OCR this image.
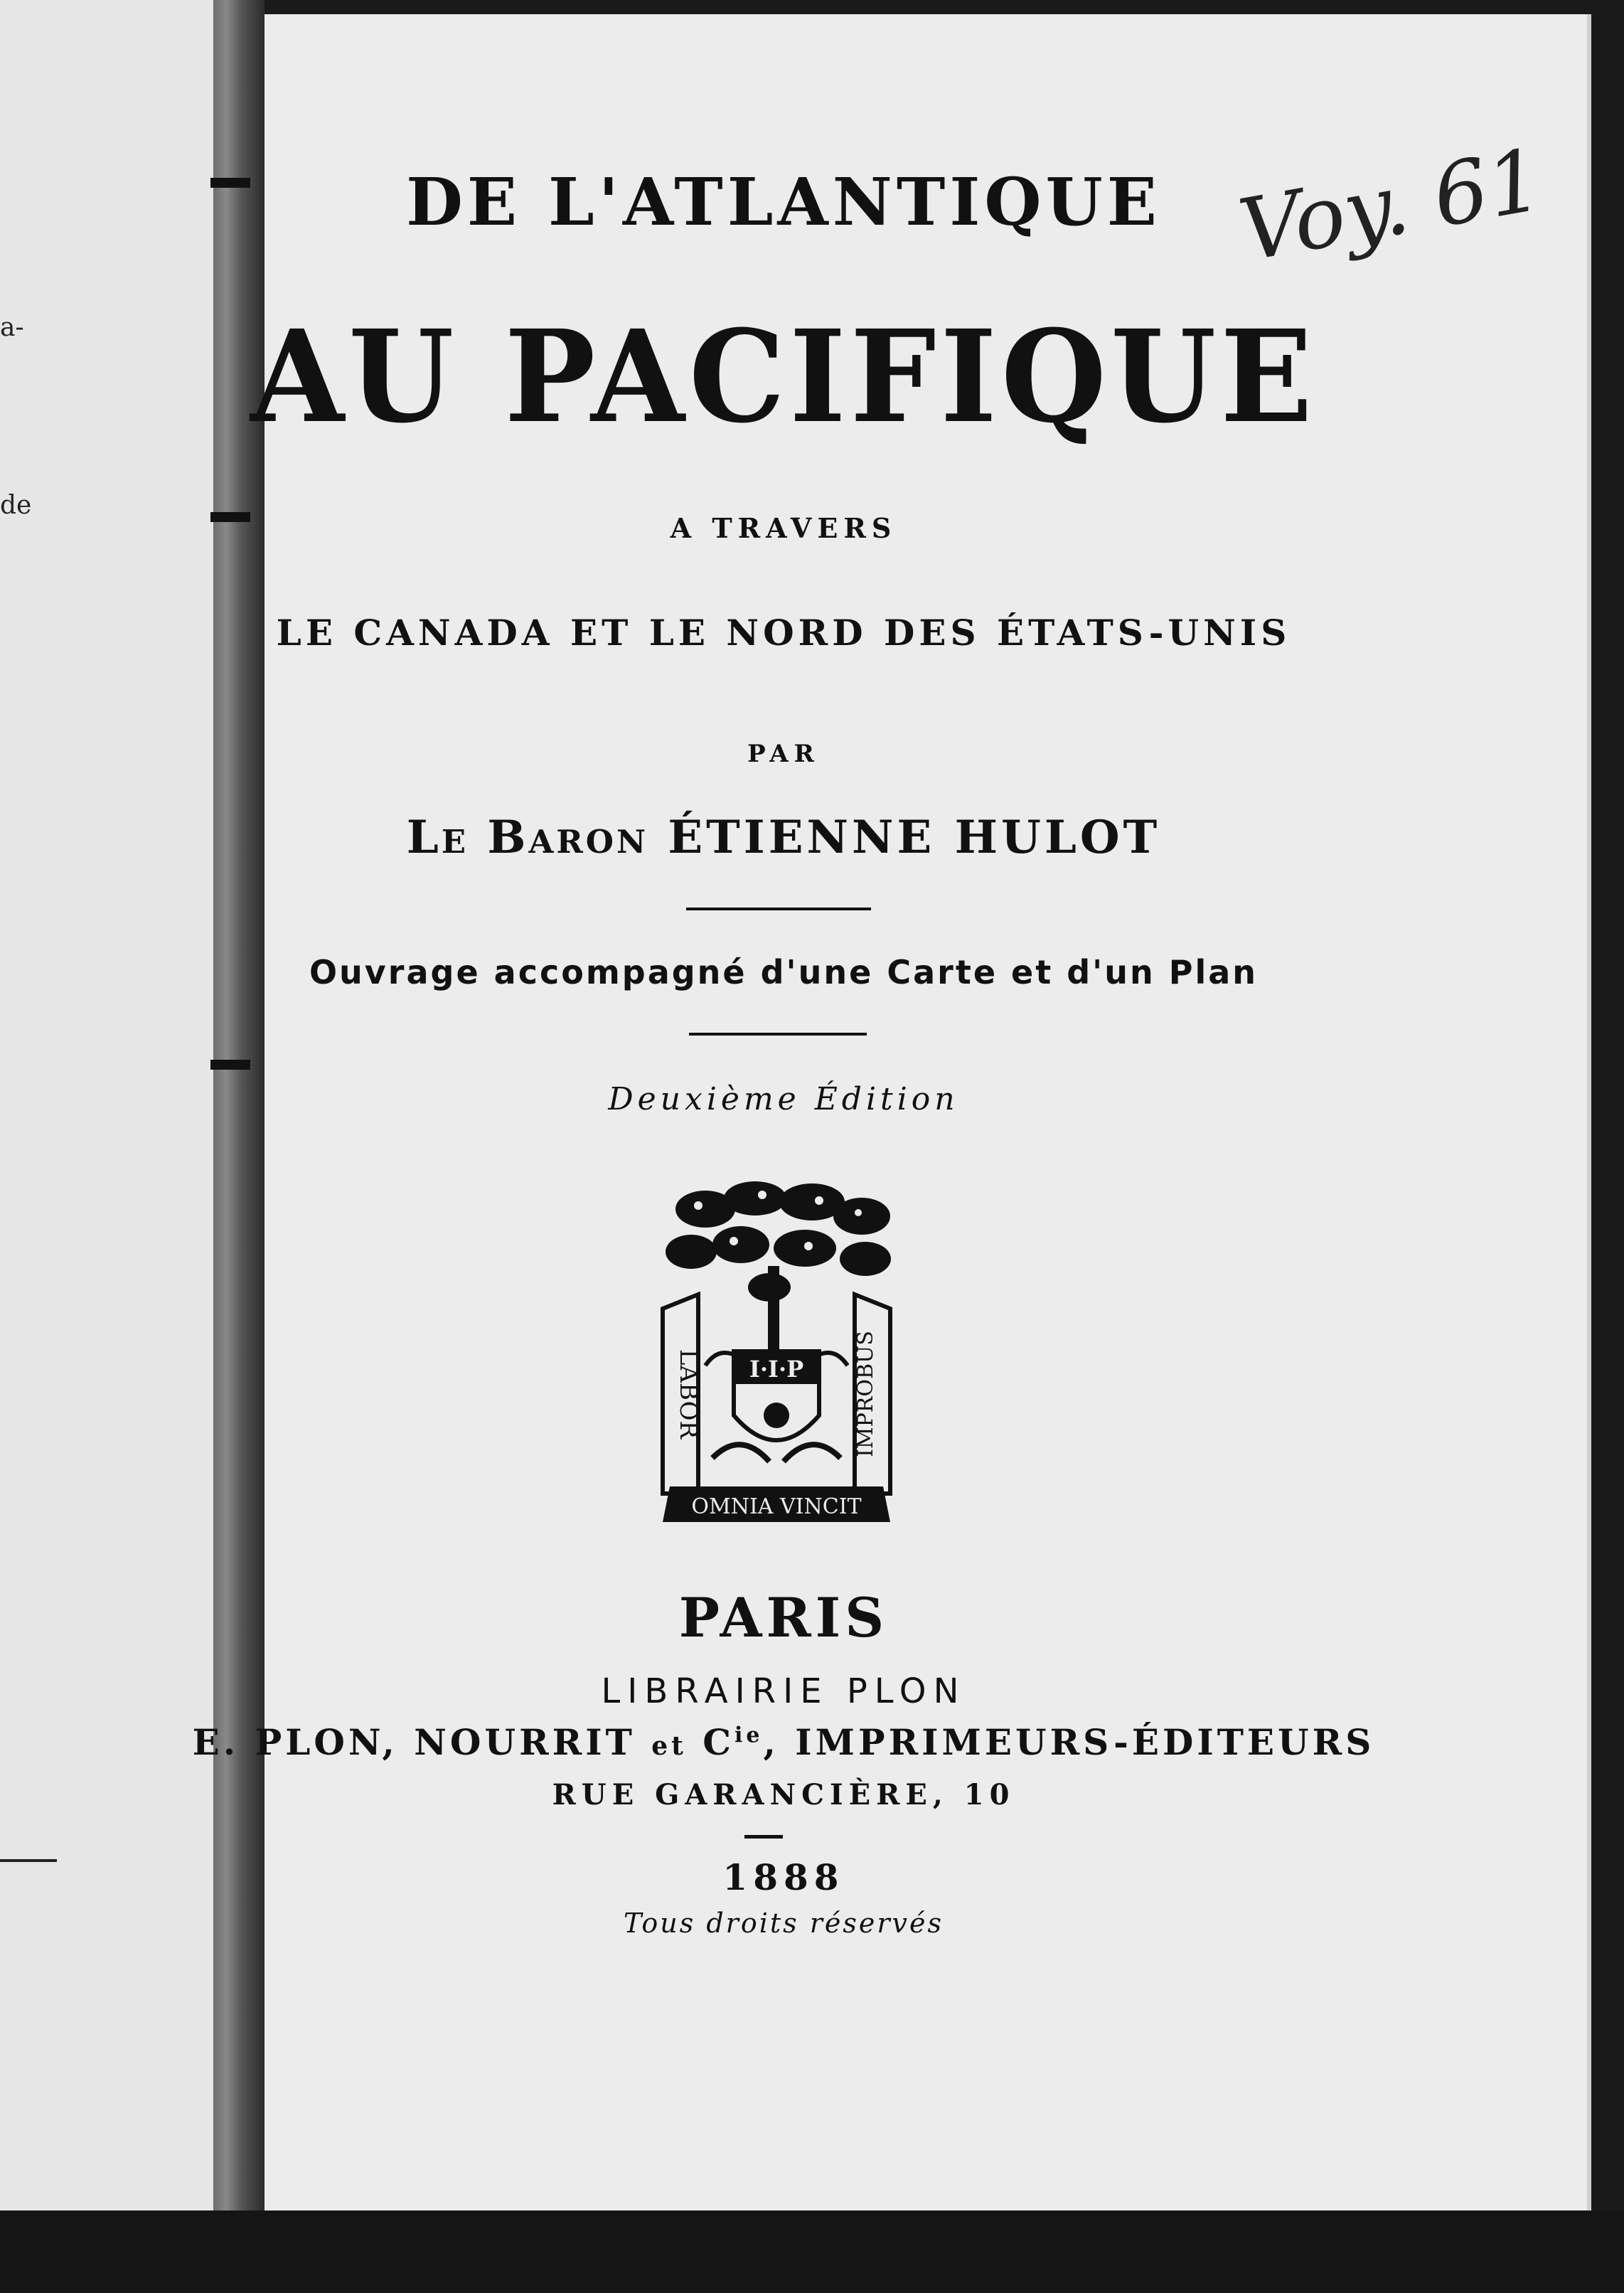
a-
de
DE L'ATLANTIQUE
AU PACIFIQUE
A TRAVERS
LE CANADA ET LE NORD DES ÉTATS-UNIS
PAR
Le Baron ÉTIENNE HULOT
Ouvrage accompagné d'une Carte et d'un Plan
Deuxième Édition
LABOR	IMPROBUS
I·I·P
OMNIA VINCIT
PARIS
LIBRAIRIE PLON
E. PLON, NOURRIT et $C^{ie}$, IMPRIMEURS-ÉDITEURS
RUE GARANCIÈRE, 10
1888
Tous droits réservés
Voy. 61
